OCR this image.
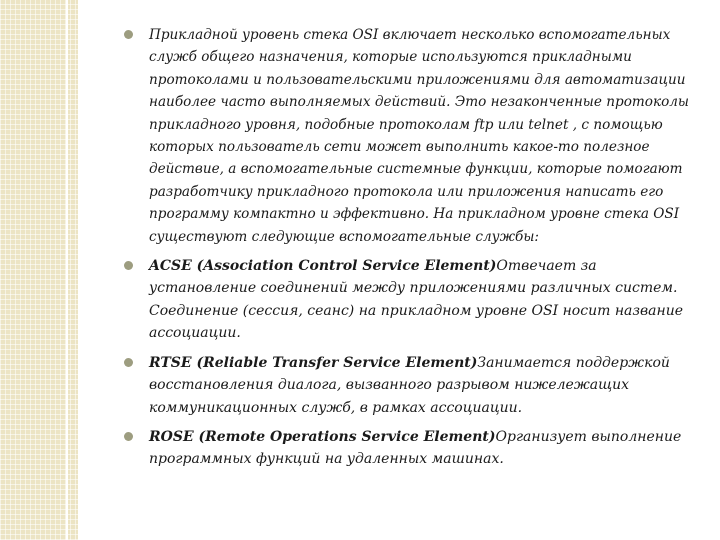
Прикладной уровень стека OSI включает несколько вспомогательных служб общего назначения, которые используются прикладными протоколами и пользовательскими приложениями для автоматизации наиболее часто выполняемых действий. Это незаконченные протоколы прикладного уровня, подобные протоколам ftp или telnet , с помощью которых пользователь сети может выполнить какое-то полезное действие, а вспомогательные системные функции, которые помогают разработчику прикладного протокола или приложения написать его программу компактно и эффективно. На прикладном уровне стека OSI существуют следующие вспомогательные службы:
ACSE (Association Control Service Element)Отвечает за установление соединений между приложениями различных систем. Соединение (сессия, сеанс) на прикладном уровне OSI носит название ассоциации.
RTSE (Reliable Transfer Service Element)Занимается поддержкой восстановления диалога, вызванного разрывом нижележащих коммуникационных служб, в рамках ассоциации.
ROSE (Remote Operations Service Element)Организует выполнение программных функций на удаленных машинах.
